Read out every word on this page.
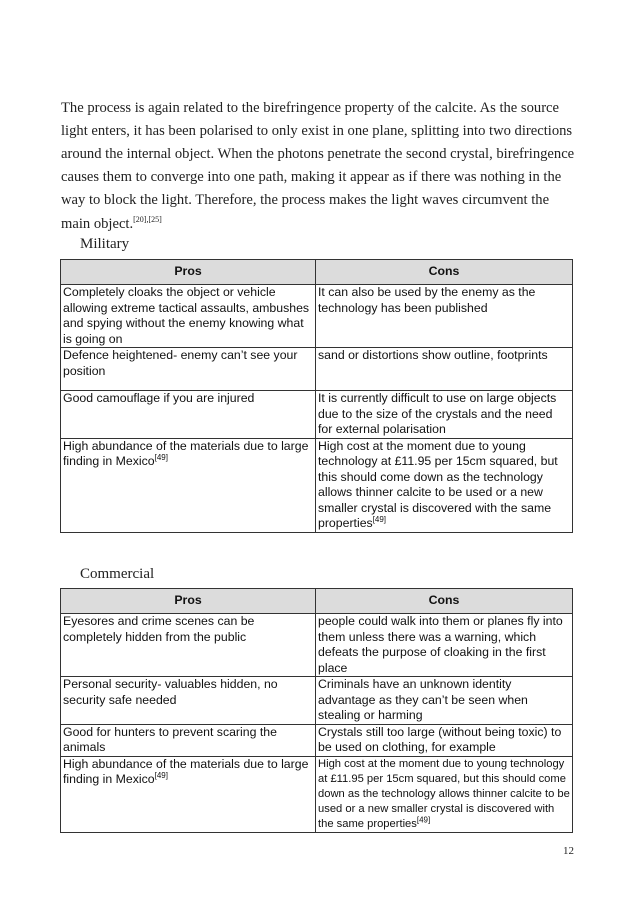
The process is again related to the birefringence property of the calcite. As the source light enters, it has been polarised to only exist in one plane, splitting into two directions around the internal object. When the photons penetrate the second crystal, birefringence causes them to converge into one path, making it appear as if there was nothing in the way to block the light. Therefore, the process makes the light waves circumvent the main object.[20],[25]

Military
Pros	Cons
Completely cloaks the object or vehicle allowing extreme tactical assaults, ambushes and spying without the enemy knowing what is going on	It can also be used by the enemy as the technology has been published
Defence heightened- enemy can’t see your position	sand or distortions show outline, footprints
Good camouflage if you are injured	It is currently difficult to use on large objects due to the size of the crystals and the need for external polarisation
High abundance of the materials due to large finding in Mexico[49]	High cost at the moment due to young technology at £11.95 per 15cm squared, but this should come down as the technology allows thinner calcite to be used or a new smaller crystal is discovered with the same properties[49]
Commercial
Pros	Cons
Eyesores and crime scenes can be completely hidden from the public	people could walk into them or planes fly into them unless there was a warning, which defeats the purpose of cloaking in the first place
Personal security- valuables hidden, no security safe needed	Criminals have an unknown identity advantage as they can’t be seen when stealing or harming
Good for hunters to prevent scaring the animals	Crystals still too large (without being toxic) to be used on clothing, for example
High abundance of the materials due to large finding in Mexico[49]	High cost at the moment due to young technology at £11.95 per 15cm squared, but this should come down as the technology allows thinner calcite to be used or a new smaller crystal is discovered with the same properties[49]
12
